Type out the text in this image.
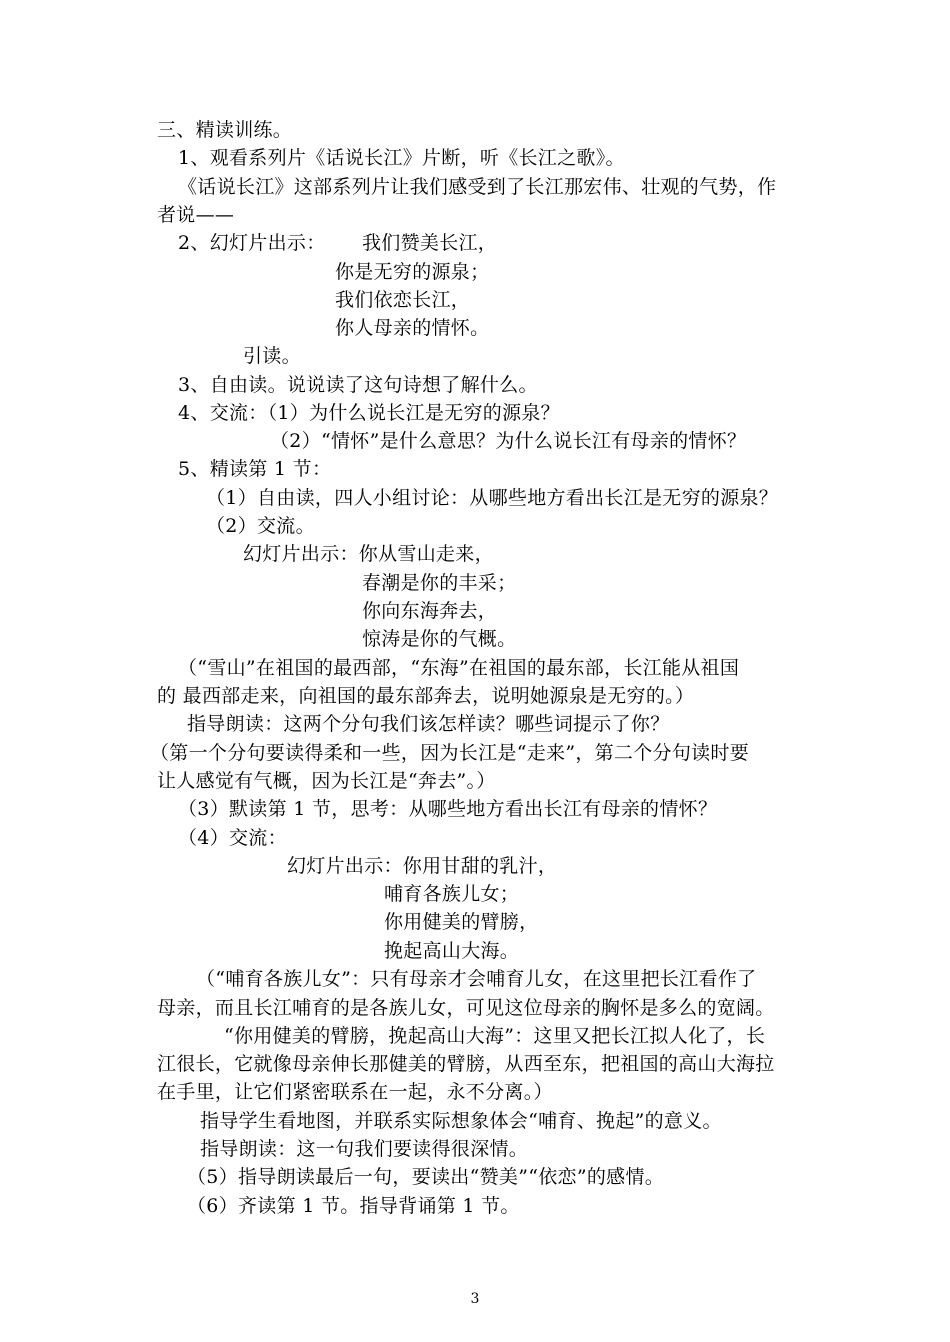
三、精读训练。
1、观看系列片《话说长江》片断，听《长江之歌》。
《话说长江》这部系列片让我们感受到了长江那宏伟、壮观的气势，作
者说——
2、幻灯片出示： 我们赞美长江，
你是无穷的源泉；
我们依恋长江，
你人母亲的情怀。
引读。
3、自由读。说说读了这句诗想了解什么。
4、交流：（1）为什么说长江是无穷的源泉？
（2）“情怀”是什么意思？为什么说长江有母亲的情怀？
5、精读第 1 节：
（1）自由读，四人小组讨论：从哪些地方看出长江是无穷的源泉？
（2）交流。
幻灯片出示：你从雪山走来，
春潮是你的丰采；
你向东海奔去，
惊涛是你的气概。
（“雪山”在祖国的最西部，“东海”在祖国的最东部，长江能从祖国
的 最西部走来，向祖国的最东部奔去，说明她源泉是无穷的。）
指导朗读：这两个分句我们该怎样读？哪些词提示了你？
（第一个分句要读得柔和一些，因为长江是“走来”，第二个分句读时要
让人感觉有气概，因为长江是“奔去”。）
（3）默读第 1 节，思考：从哪些地方看出长江有母亲的情怀？
（4）交流：
幻灯片出示：你用甘甜的乳汁，
哺育各族儿女；
你用健美的臂膀，
挽起高山大海。
（“哺育各族儿女”：只有母亲才会哺育儿女，在这里把长江看作了
母亲，而且长江哺育的是各族儿女，可见这位母亲的胸怀是多么的宽阔。
“你用健美的臂膀，挽起高山大海”：这里又把长江拟人化了，长
江很长，它就像母亲伸长那健美的臂膀，从西至东，把祖国的高山大海拉
在手里，让它们紧密联系在一起，永不分离。）
指导学生看地图，并联系实际想象体会“哺育、挽起”的意义。
指导朗读：这一句我们要读得很深情。
（5）指导朗读最后一句，要读出“赞美”“依恋”的感情。
（6）齐读第 1 节。指导背诵第 1 节。
3
